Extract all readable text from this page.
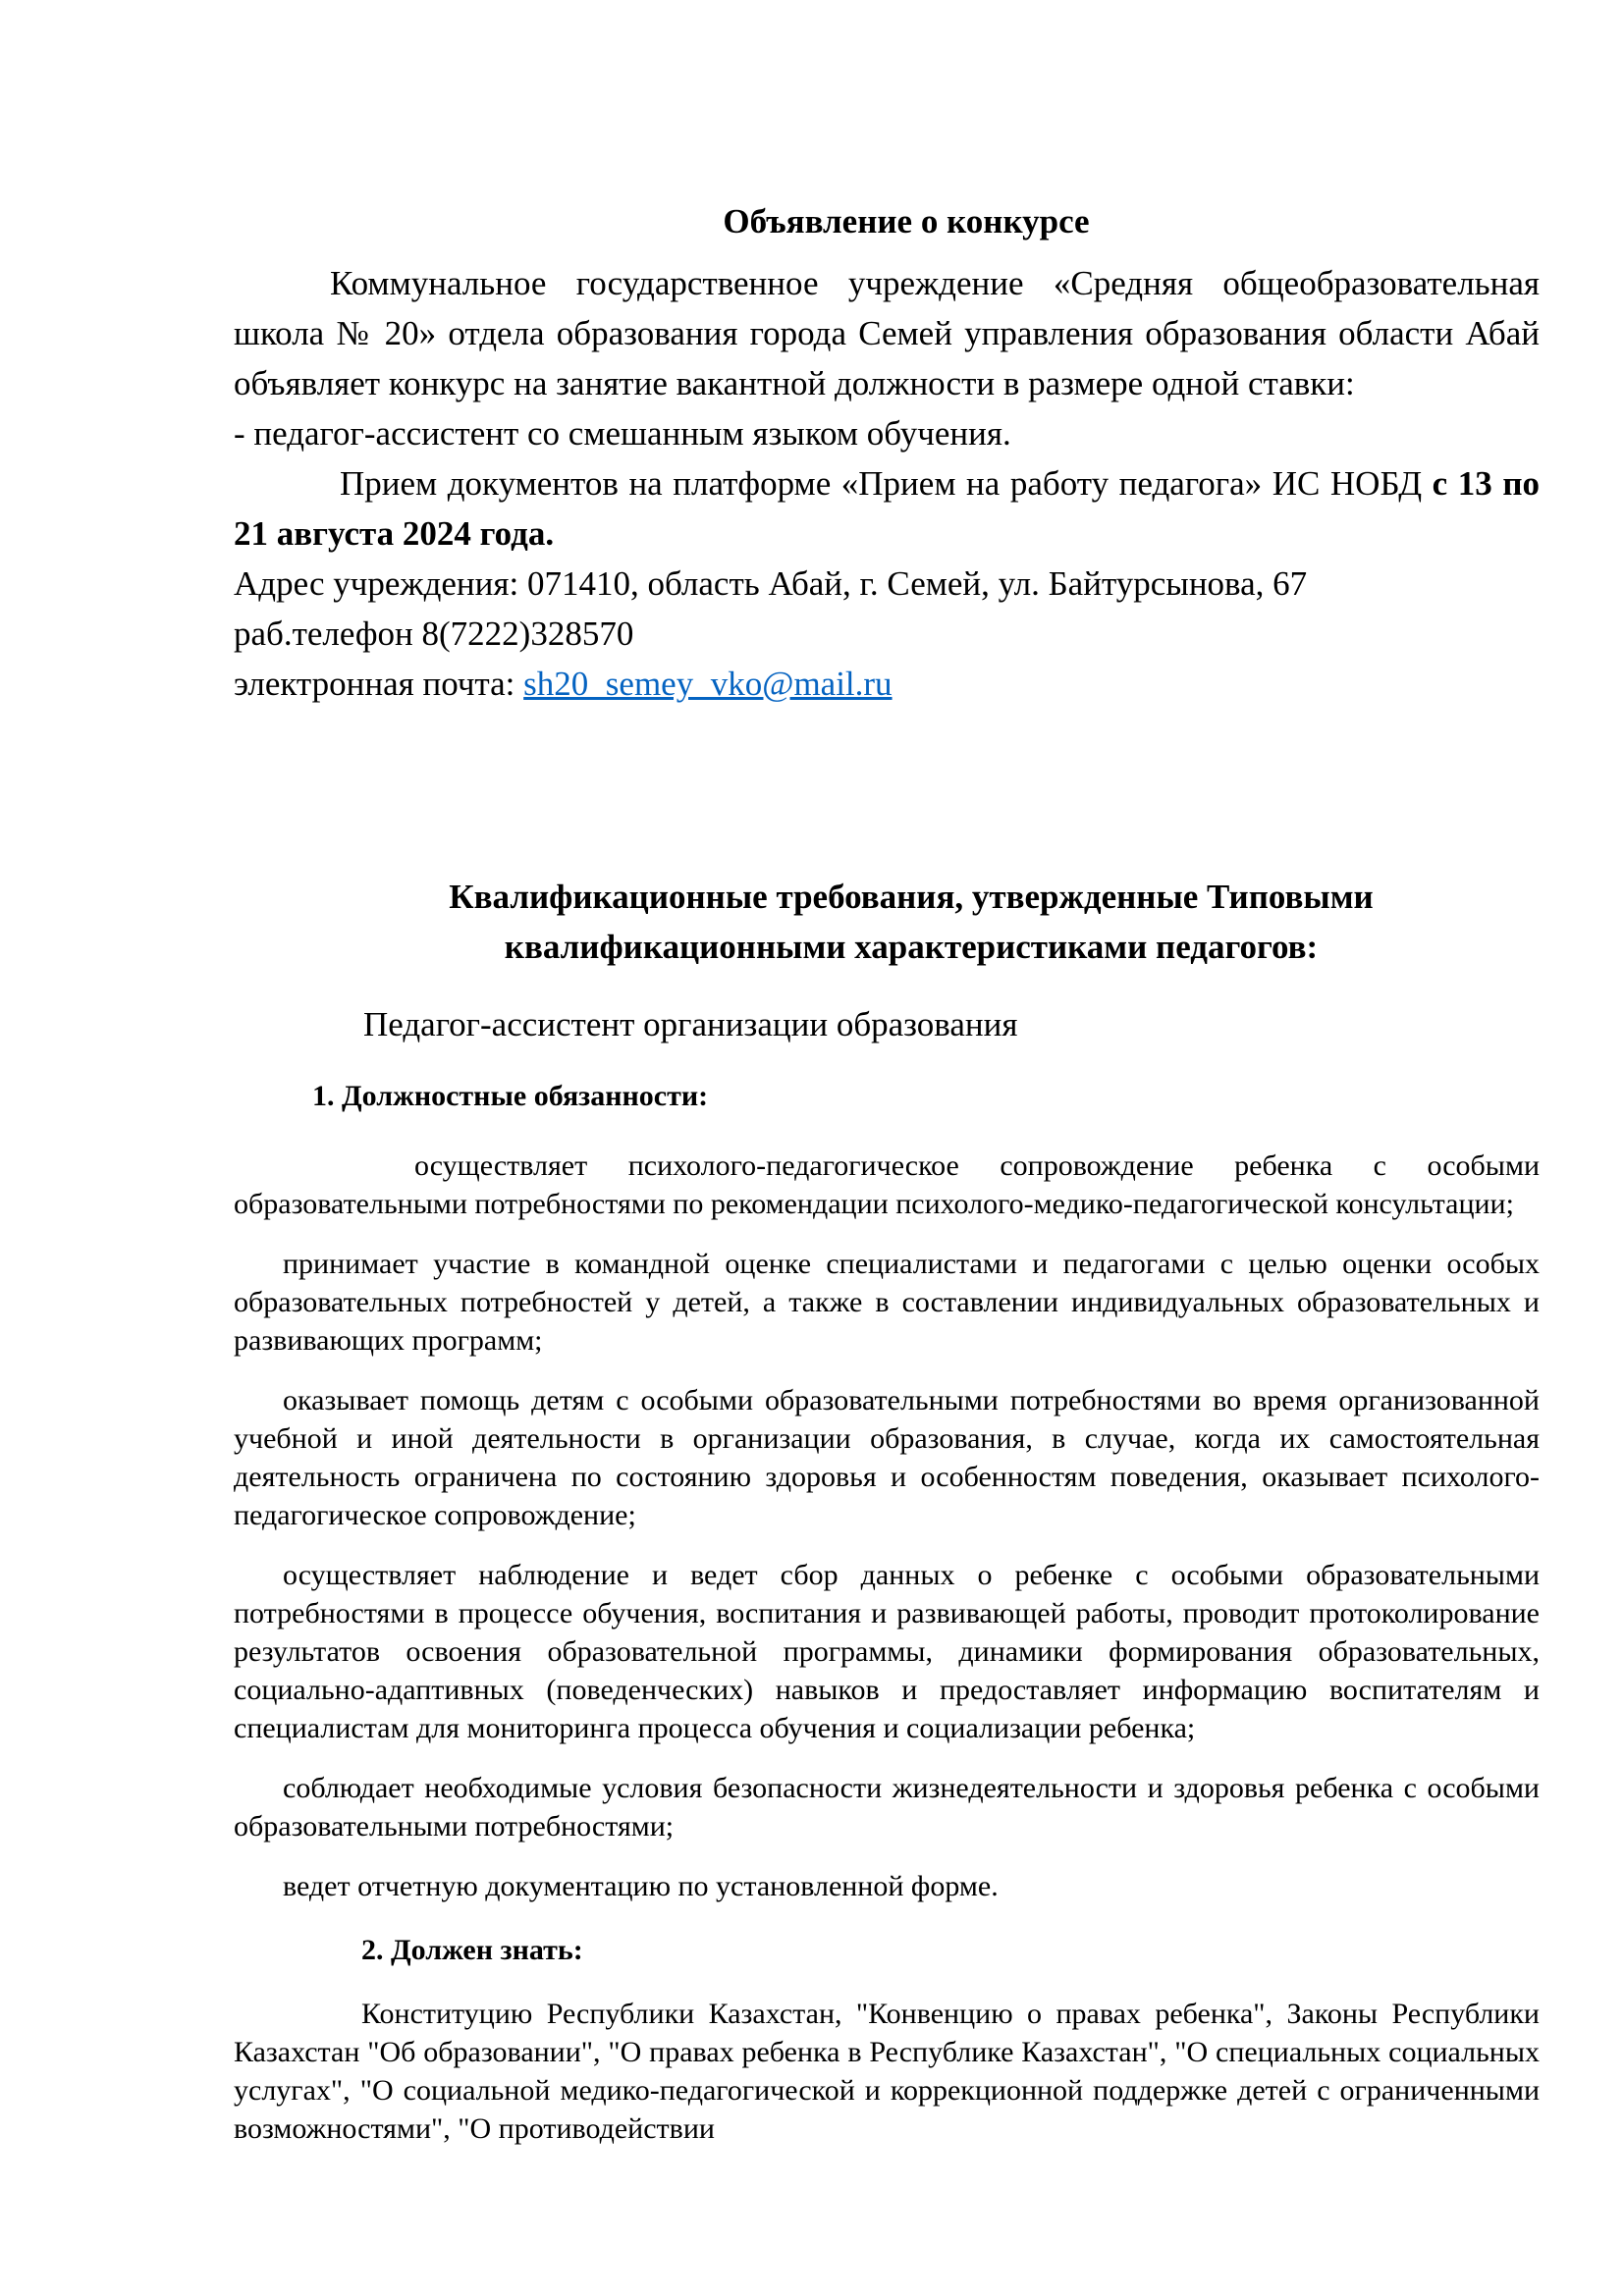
Объявление о конкурсе

Коммунальное государственное учреждение «Средняя общеобразовательная школа № 20» отдела образования города Семей управления образования области Абай объявляет конкурс на занятие вакантной должности в размере одной ставки:

- педагог-ассистент со смешанным языком обучения.

Прием документов на платформе «Прием на работу педагога» ИС НОБД с 13 по 21 августа 2024 года.

Адрес учреждения: 071410, область Абай, г. Семей, ул. Байтурсынова, 67

раб.телефон 8(7222)328570

электронная почта: sh20_semey_vko@mail.ru

Квалификационные требования, утвержденные Типовыми квалификационными характеристиками педагогов:

Педагог-ассистент организации образования

1. Должностные обязанности:

осуществляет психолого-педагогическое сопровождение ребенка с особыми образовательными потребностями по рекомендации психолого-медико-педагогической консультации;

принимает участие в командной оценке специалистами и педагогами с целью оценки особых образовательных потребностей у детей, а также в составлении индивидуальных образовательных и развивающих программ;

оказывает помощь детям с особыми образовательными потребностями во время организованной учебной и иной деятельности в организации образования, в случае, когда их самостоятельная деятельность ограничена по состоянию здоровья и особенностям поведения, оказывает психолого-педагогическое сопровождение;

осуществляет наблюдение и ведет сбор данных о ребенке с особыми образовательными потребностями в процессе обучения, воспитания и развивающей работы, проводит протоколирование результатов освоения образовательной программы, динамики формирования образовательных, социально-адаптивных (поведенческих) навыков и предоставляет информацию воспитателям и специалистам для мониторинга процесса обучения и социализации ребенка;

соблюдает необходимые условия безопасности жизнедеятельности и здоровья ребенка с особыми образовательными потребностями;

ведет отчетную документацию по установленной форме.

2. Должен знать:

Конституцию Республики Казахстан, "Конвенцию о правах ребенка", Законы Республики Казахстан "Об образовании", "О правах ребенка в Республике Казахстан", "О специальных социальных услугах", "О социальной медико-педагогической и коррекционной поддержке детей с ограниченными возможностями", "О противодействии
